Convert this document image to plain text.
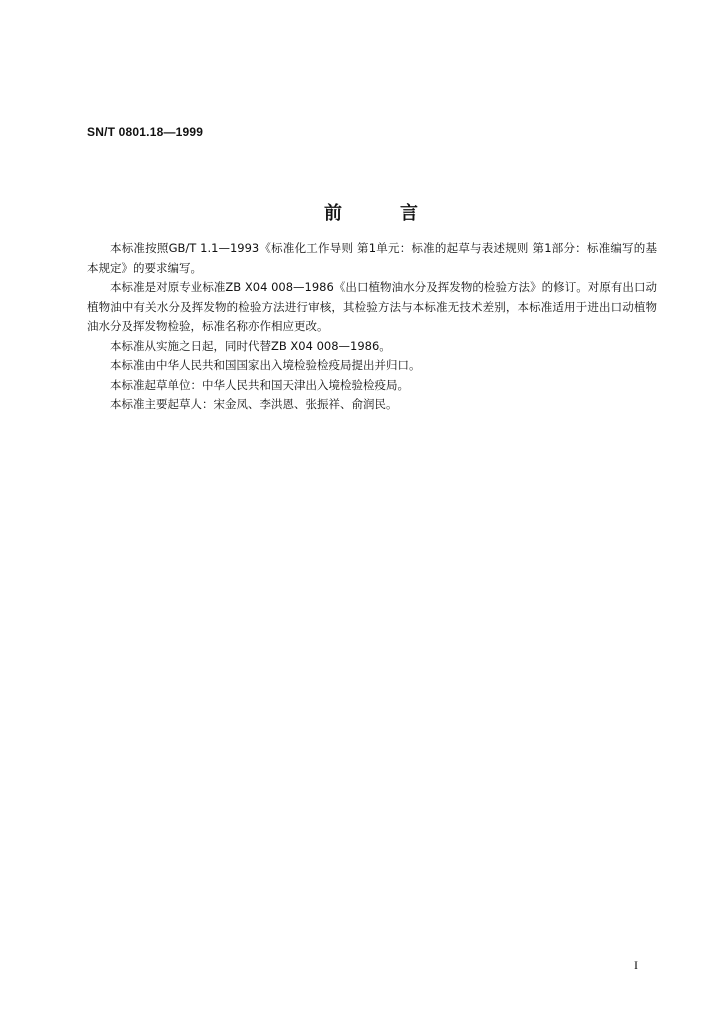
SN/T 0801.18—1999
前	言

本标准按照GB/T 1.1—1993《标准化工作导则 第1单元：标准的起草与表述规则 第1部分：标准编写的基本规定》的要求编写。

本标准是对原专业标准ZB X04 008—1986《出口植物油水分及挥发物的检验方法》的修订。对原有出口动植物油中有关水分及挥发物的检验方法进行审核，其检验方法与本标准无技术差别，本标准适用于进出口动植物油水分及挥发物检验，标准名称亦作相应更改。

本标准从实施之日起，同时代替ZB X04 008—1986。

本标准由中华人民共和国国家出入境检验检疫局提出并归口。

本标准起草单位：中华人民共和国天津出入境检验检疫局。

本标准主要起草人：宋金凤、李洪恩、张振祥、俞润民。

I
